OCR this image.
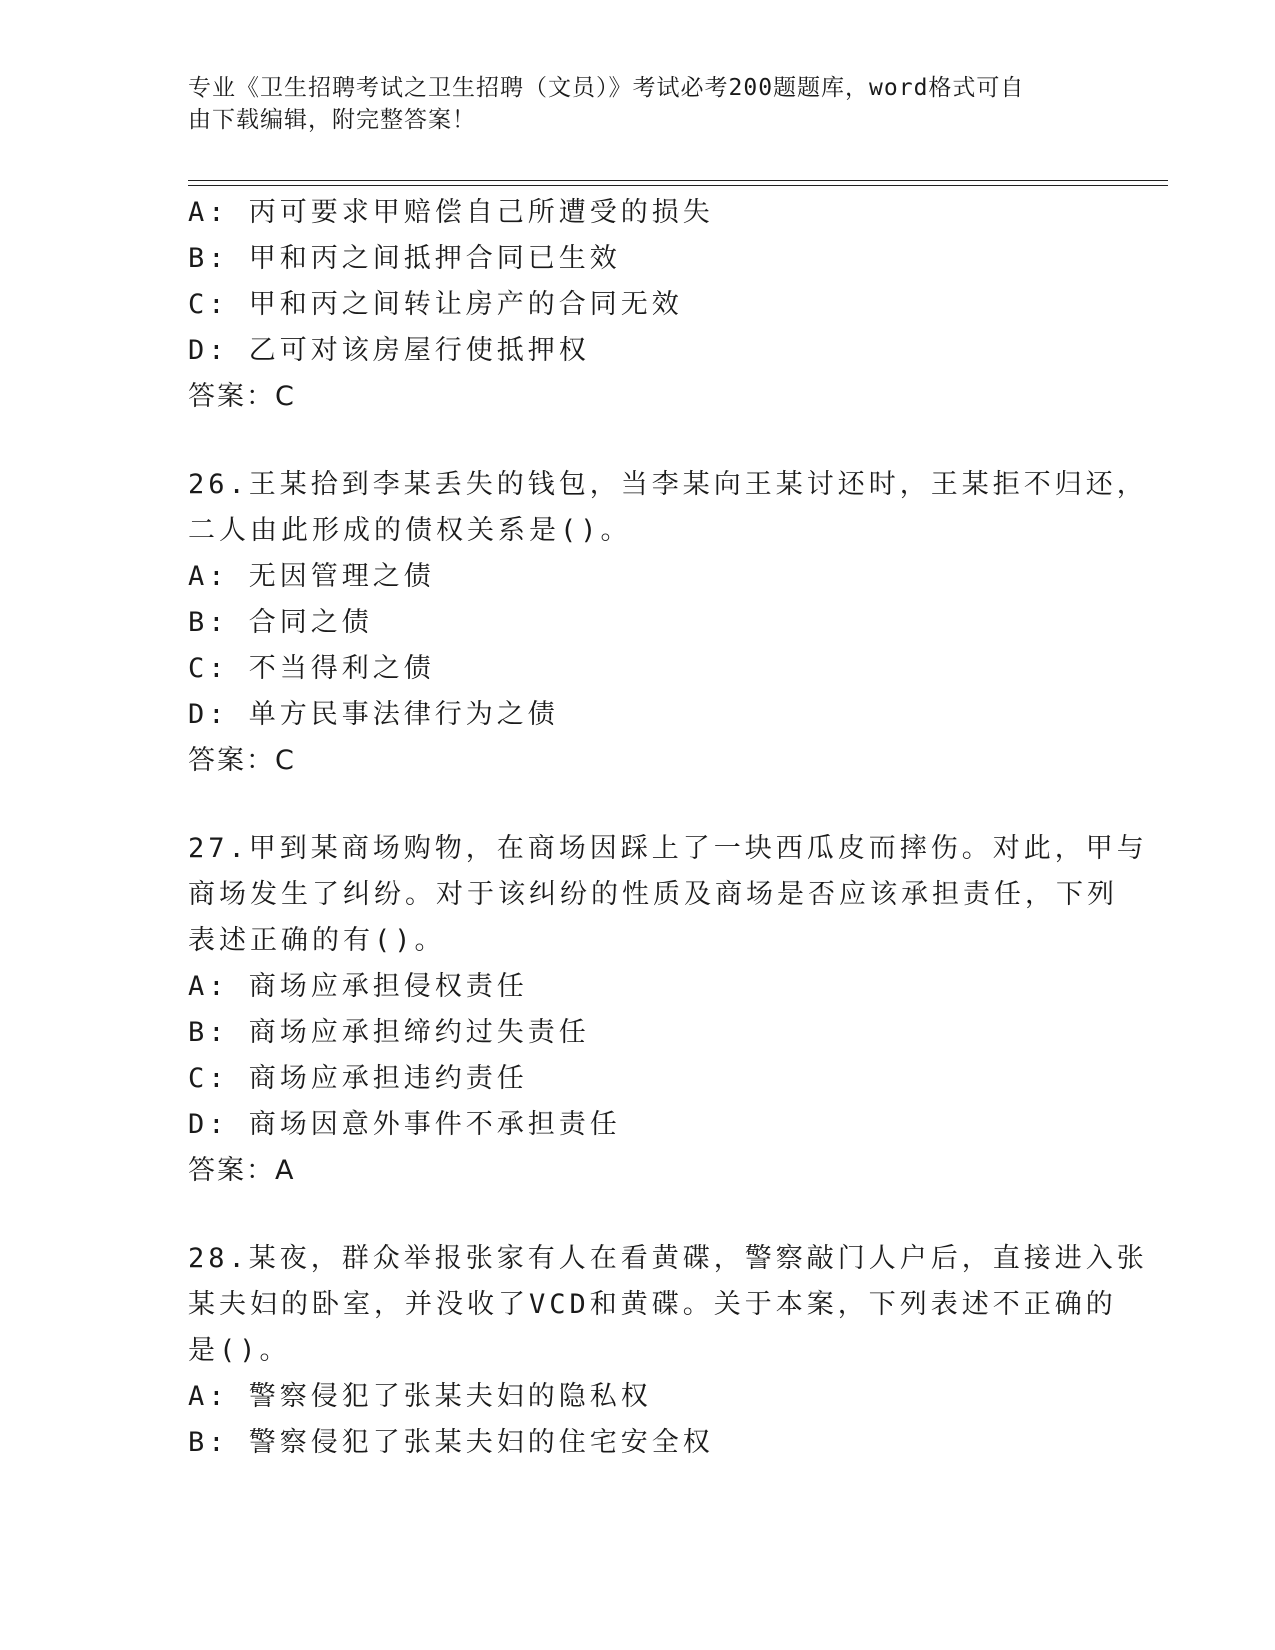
专业《卫生招聘考试之卫生招聘（文员）》考试必考200题题库，word格式可自
由下载编辑，附完整答案！
A: 丙可要求甲赔偿自己所遭受的损失
B: 甲和丙之间抵押合同已生效
C: 甲和丙之间转让房产的合同无效
D: 乙可对该房屋行使抵押权
答案：C
26.王某拾到李某丢失的钱包，当李某向王某讨还时，王某拒不归还，
二人由此形成的债权关系是()。
A: 无因管理之债
B: 合同之债
C: 不当得利之债
D: 单方民事法律行为之债
答案：C
27.甲到某商场购物，在商场因踩上了一块西瓜皮而摔伤。对此，甲与
商场发生了纠纷。对于该纠纷的性质及商场是否应该承担责任，下列
表述正确的有()。
A: 商场应承担侵权责任
B: 商场应承担缔约过失责任
C: 商场应承担违约责任
D: 商场因意外事件不承担责任
答案：A
28.某夜，群众举报张家有人在看黄碟，警察敲门人户后，直接进入张
某夫妇的卧室，并没收了VCD和黄碟。关于本案，下列表述不正确的
是()。
A: 警察侵犯了张某夫妇的隐私权
B: 警察侵犯了张某夫妇的住宅安全权
